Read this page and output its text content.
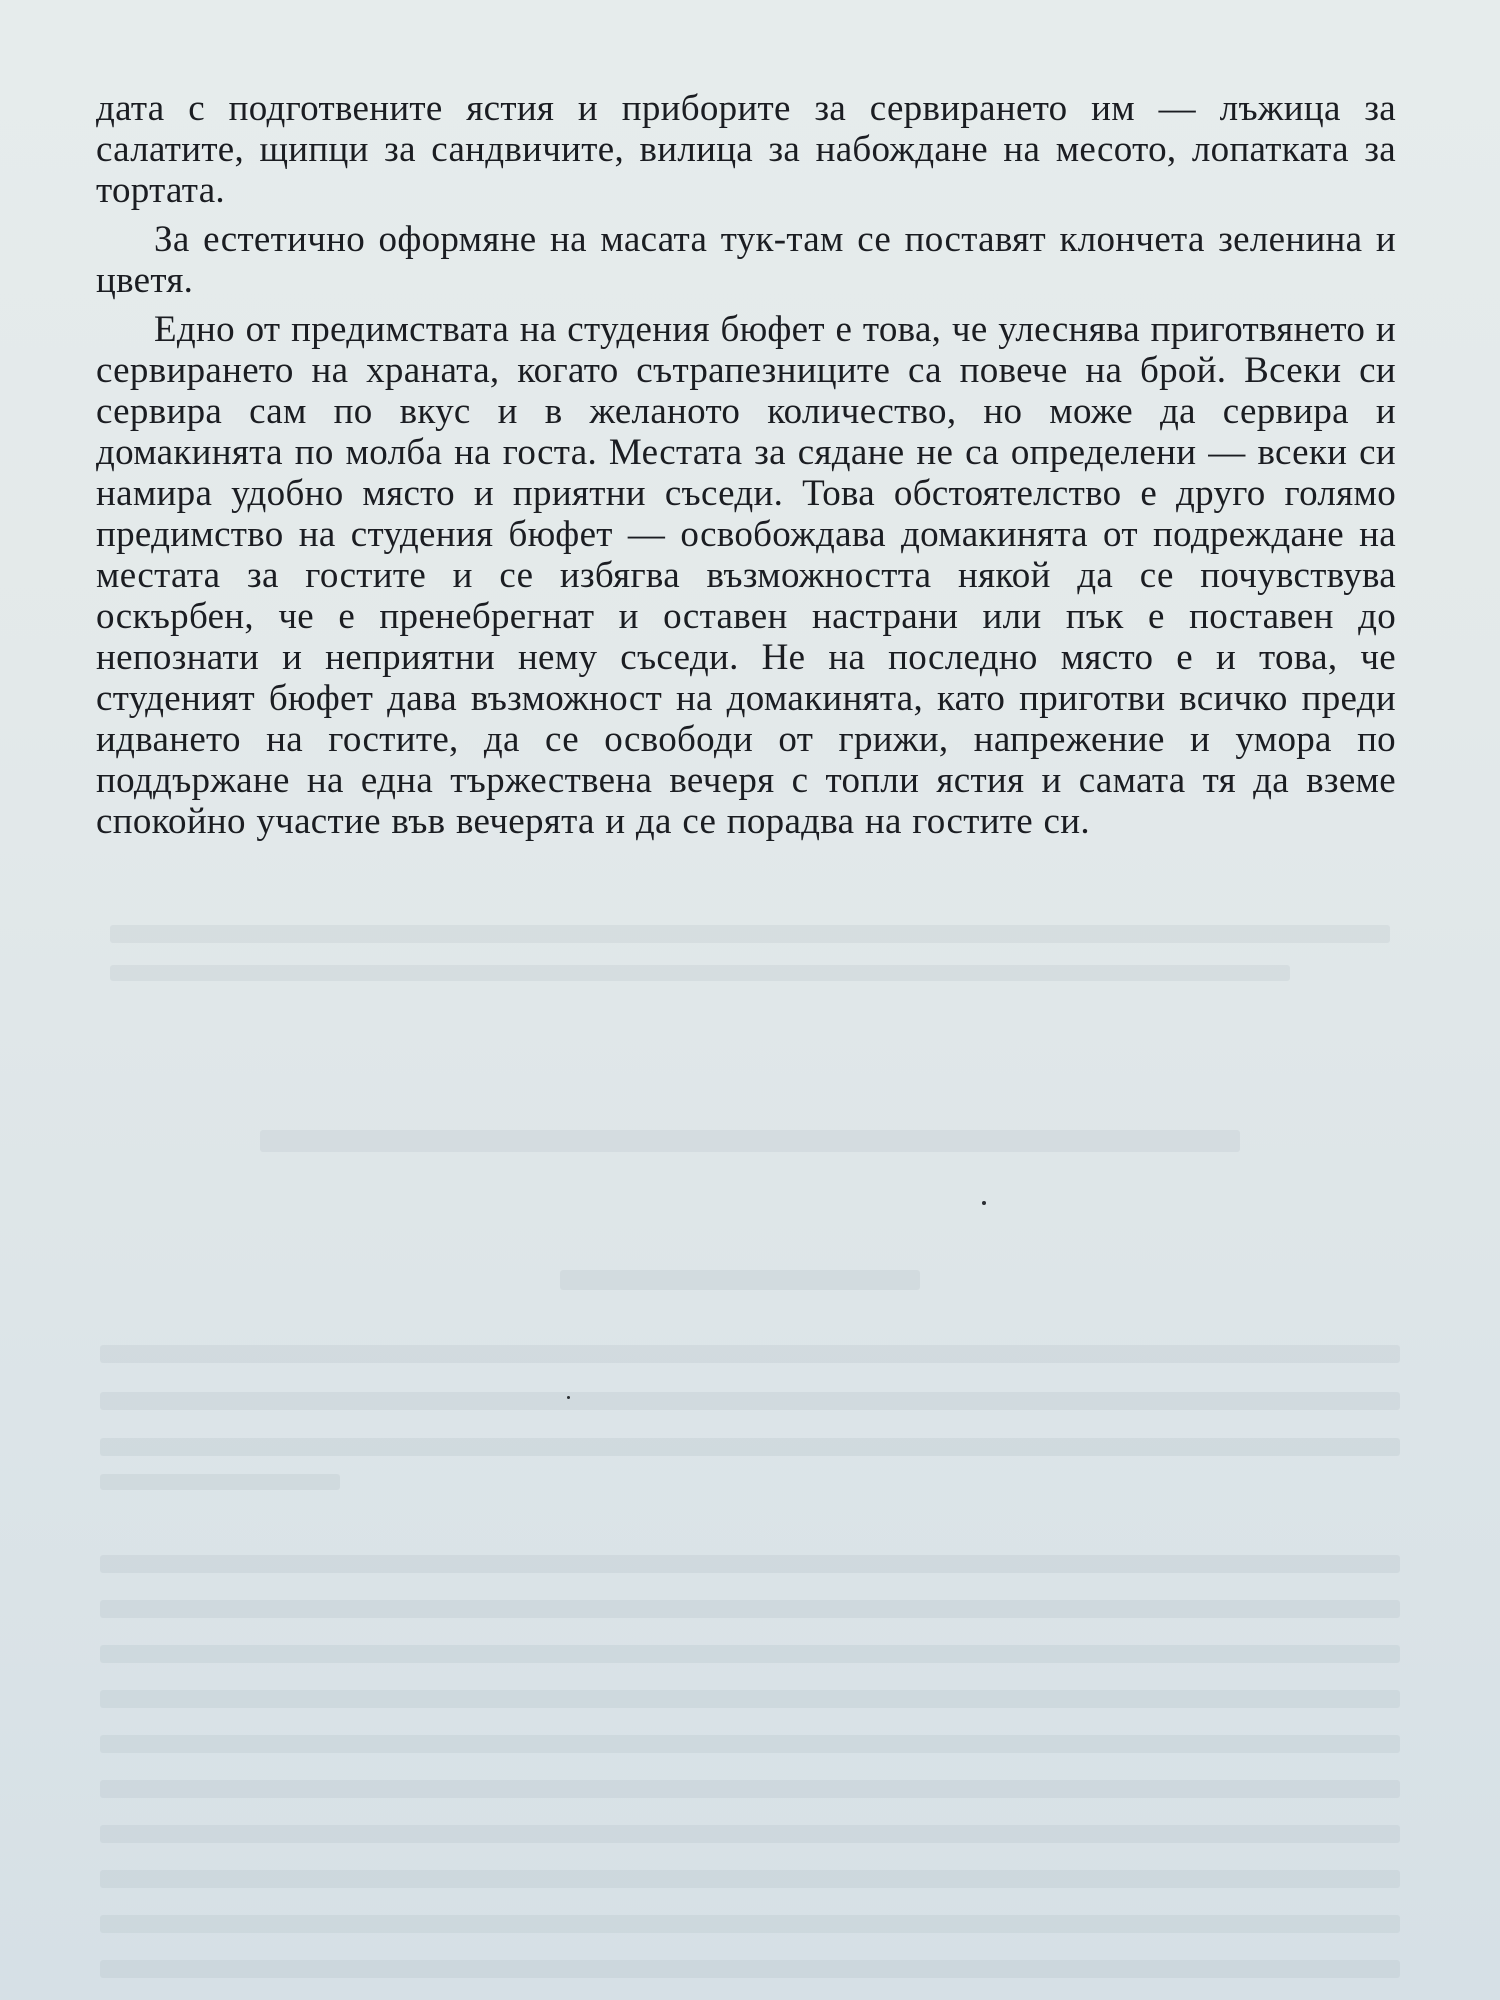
дата с подготвените ястия и приборите за сервирането им — лъжица за салатите, щипци за сандвичите, вилица за набождане на месото, лопатката за тортата.

За естетично оформяне на масата тук-там се поставят клончета зеленина и цветя.

Едно от предимствата на студения бюфет е това, че улеснява приготвянето и сервирането на храната, когато сътрапезниците са повече на брой. Всеки си сервира сам по вкус и в желаното количество, но може да сервира и домакинята по молба на госта. Местата за сядане не са определени — всеки си намира удобно място и приятни съседи. Това обстоятелство е друго голямо предимство на студения бюфет — освобождава домакинята от подреждане на местата за гостите и се избягва възможността някой да се почувствува оскърбен, че е пренебрегнат и оставен настрани или пък е поставен до непознати и неприятни нему съседи. Не на последно място е и това, че студеният бюфет дава възможност на домакинята, като приготви всичко преди идването на гостите, да се освободи от грижи, напрежение и умора по поддържане на една тържествена вечеря с топли ястия и самата тя да вземе спокойно участие във вечерята и да се порадва на гостите си.
